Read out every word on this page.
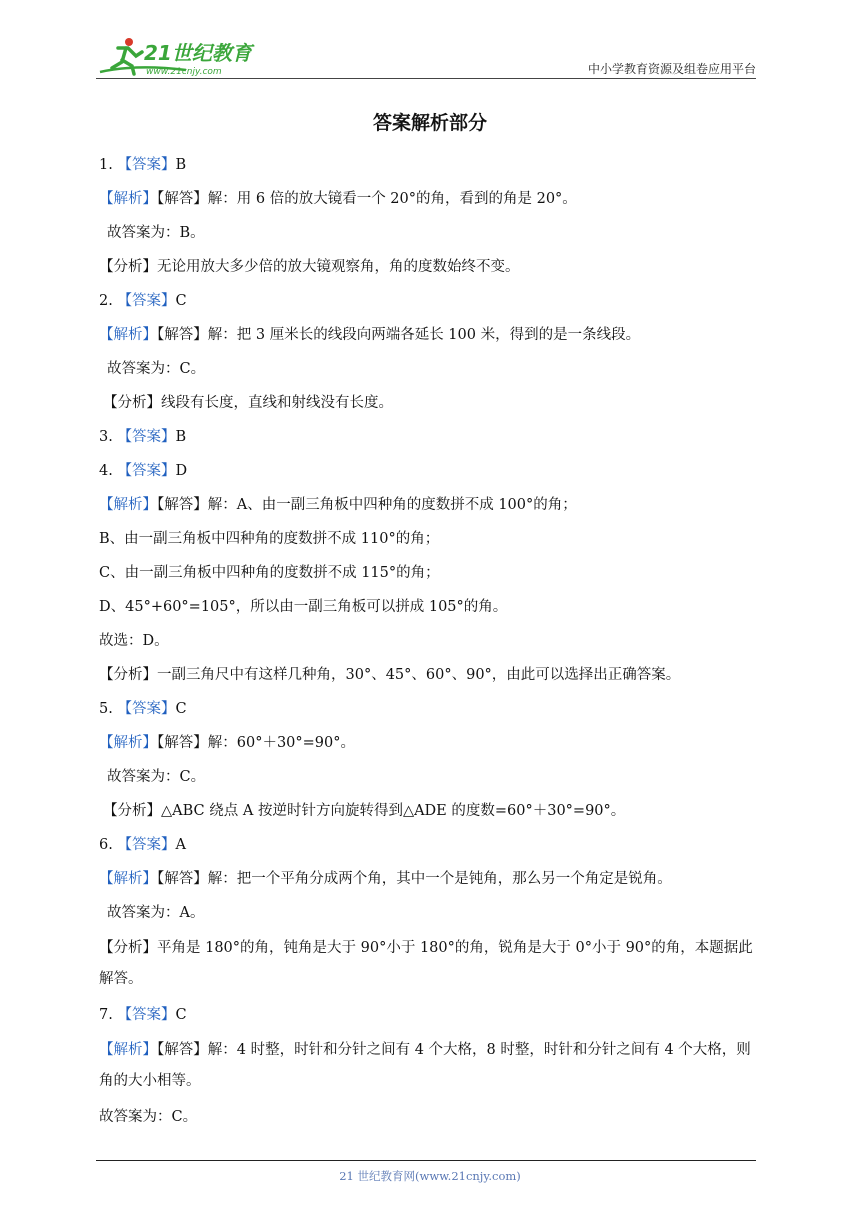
21世纪教育
www.21cnjy.com	中小学教育资源及组卷应用平台
答案解析部分
1. 【答案】B
【解析】【解答】解：用 6 倍的放大镜看一个 20°的角，看到的角是 20°。
故答案为：B。
【分析】无论用放大多少倍的放大镜观察角，角的度数始终不变。
2. 【答案】C
【解析】【解答】解：把 3 厘米长的线段向两端各延长 100 米，得到的是一条线段。
故答案为：C。
【分析】线段有长度，直线和射线没有长度。
3. 【答案】B
4. 【答案】D
【解析】【解答】解：A、由一副三角板中四种角的度数拼不成 100°的角；
B、由一副三角板中四种角的度数拼不成 110°的角；
C、由一副三角板中四种角的度数拼不成 115°的角；
D、45°+60°=105°，所以由一副三角板可以拼成 105°的角。
故选：D。
【分析】一副三角尺中有这样几种角，30°、45°、60°、90°，由此可以选择出正确答案。
5. 【答案】C
【解析】【解答】解：60°＋30°=90°。
故答案为：C。
【分析】△ABC 绕点 A 按逆时针方向旋转得到△ADE 的度数=60°＋30°=90°。
6. 【答案】A
【解析】【解答】解：把一个平角分成两个角，其中一个是钝角，那么另一个角定是锐角。
故答案为：A。
【分析】平角是 180°的角，钝角是大于 90°小于 180°的角，锐角是大于 0°小于 90°的角，本题据此解答。
7. 【答案】C
【解析】【解答】解：4 时整，时针和分针之间有 4 个大格，8 时整，时针和分针之间有 4 个大格，则角的大小相等。
故答案为：C。
21 世纪教育网(www.21cnjy.com)
